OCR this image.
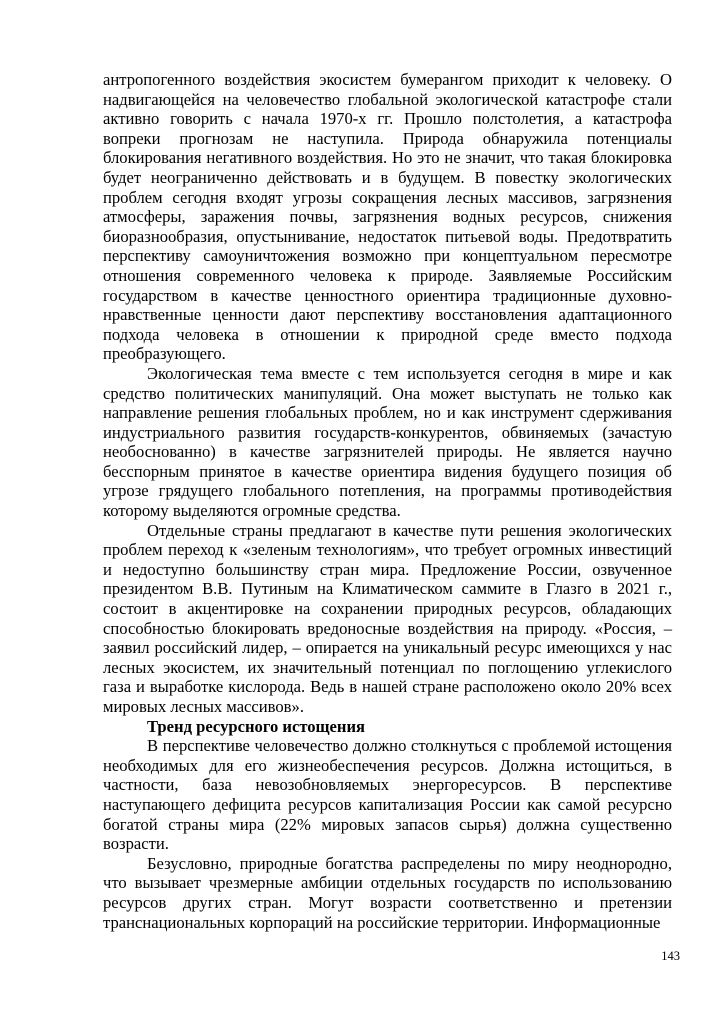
антропогенного воздействия экосистем бумерангом приходит к человеку. О надвигающейся на человечество глобальной экологической катастрофе стали активно говорить с начала 1970-х гг. Прошло полстолетия, а катастрофа вопреки прогнозам не наступила. Природа обнаружила потенциалы блокирования негативного воздействия. Но это не значит, что такая блокировка будет неограниченно действовать и в будущем. В повестку экологических проблем сегодня входят угрозы сокращения лесных массивов, загрязнения атмосферы, заражения почвы, загрязнения водных ресурсов, снижения биоразнообразия, опустынивание, недостаток питьевой воды. Предотвратить перспективу самоуничтожения возможно при концептуальном пересмотре отношения современного человека к природе. Заявляемые Российским государством в качестве ценностного ориентира традиционные духовно-нравственные ценности дают перспективу восстановления адаптационного подхода человека в отношении к природной среде вместо подхода преобразующего.

Экологическая тема вместе с тем используется сегодня в мире и как средство политических манипуляций. Она может выступать не только как направление решения глобальных проблем, но и как инструмент сдерживания индустриального развития государств-конкурентов, обвиняемых (зачастую необоснованно) в качестве загрязнителей природы. Не является научно бесспорным принятое в качестве ориентира видения будущего позиция об угрозе грядущего глобального потепления, на программы противодействия которому выделяются огромные средства.

Отдельные страны предлагают в качестве пути решения экологических проблем переход к «зеленым технологиям», что требует огромных инвестиций и недоступно большинству стран мира. Предложение России, озвученное президентом В.В. Путиным на Климатическом саммите в Глазго в 2021 г., состоит в акцентировке на сохранении природных ресурсов, обладающих способностью блокировать вредоносные воздействия на природу. «Россия, – заявил российский лидер, – опирается на уникальный ресурс имеющихся у нас лесных экосистем, их значительный потенциал по поглощению углекислого газа и выработке кислорода. Ведь в нашей стране расположено около 20% всех мировых лесных массивов».

Тренд ресурсного истощения

В перспективе человечество должно столкнуться с проблемой истощения необходимых для его жизнеобеспечения ресурсов. Должна истощиться, в частности, база невозобновляемых энергоресурсов. В перспективе наступающего дефицита ресурсов капитализация России как самой ресурсно богатой страны мира (22% мировых запасов сырья) должна существенно возрасти.

Безусловно, природные богатства распределены по миру неоднородно, что вызывает чрезмерные амбиции отдельных государств по использованию ресурсов других стран. Могут возрасти соответственно и претензии транснациональных корпораций на российские территории. Информационные

143
